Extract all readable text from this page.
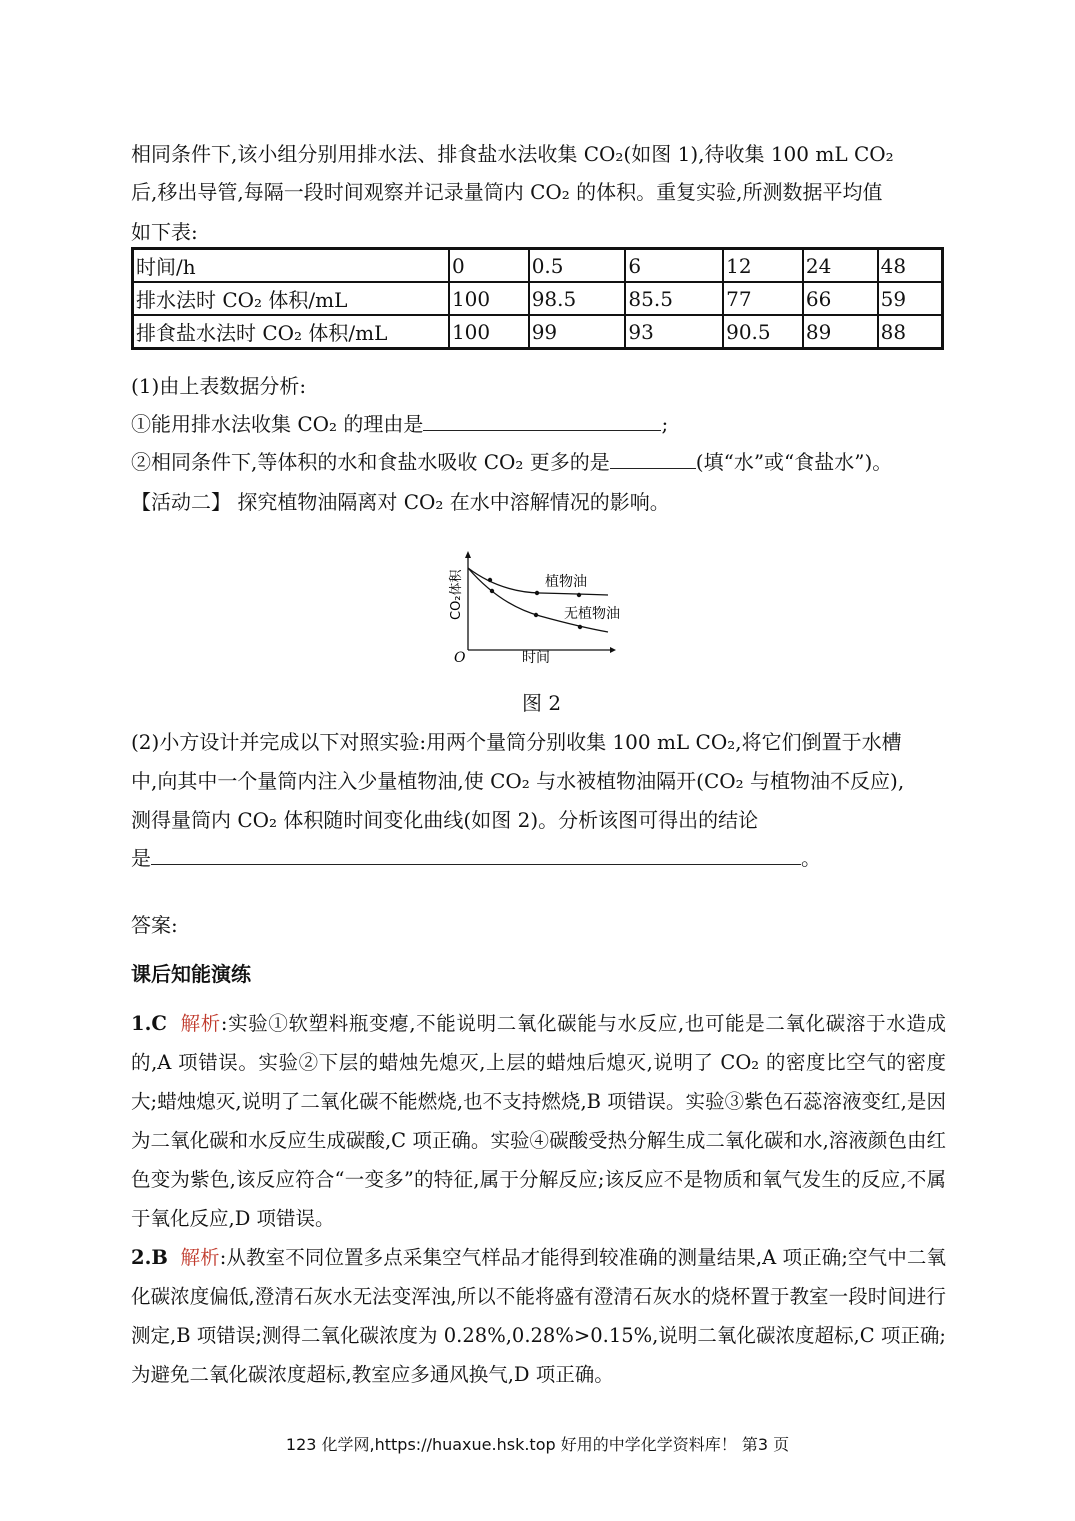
相同条件下,该小组分别用排水法、排食盐水法收集 CO₂(如图 1),待收集 100 mL CO₂
后,移出导管,每隔一段时间观察并记录量筒内 CO₂ 的体积。重复实验,所测数据平均值
如下表:
时间/h	0	0.5	6	12	24	48
排水法时 CO₂ 体积/mL	100	98.5	85.5	77	66	59
排食盐水法时 CO₂ 体积/mL	100	99	93	90.5	89	88
(1)由上表数据分析:
①能用排水法收集 CO₂ 的理由是	;
②相同条件下,等体积的水和食盐水吸收 CO₂ 更多的是	(填“水”或“食盐水”)。
【活动二】 探究植物油隔离对 CO₂ 在水中溶解情况的影响。
植物油
无植物油
O	时间
CO₂体积
图 2
(2)小方设计并完成以下对照实验:用两个量筒分别收集 100 mL CO₂,将它们倒置于水槽
中,向其中一个量筒内注入少量植物油,使 CO₂ 与水被植物油隔开(CO₂ 与植物油不反应),
测得量筒内 CO₂ 体积随时间变化曲线(如图 2)。分析该图可得出的结论
是	。
答案:
课后知能演练
1.C 解析:实验①软塑料瓶变瘪,不能说明二氧化碳能与水反应,也可能是二氧化碳溶于水造成的,A 项错误。实验②下层的蜡烛先熄灭,上层的蜡烛后熄灭,说明了 CO₂ 的密度比空气的密度大;蜡烛熄灭,说明了二氧化碳不能燃烧,也不支持燃烧,B 项错误。实验③紫色石蕊溶液变红,是因为二氧化碳和水反应生成碳酸,C 项正确。实验④碳酸受热分解生成二氧化碳和水,溶液颜色由红色变为紫色,该反应符合“一变多”的特征,属于分解反应;该反应不是物质和氧气发生的反应,不属于氧化反应,D 项错误。
2.B 解析:从教室不同位置多点采集空气样品才能得到较准确的测量结果,A 项正确;空气中二氧化碳浓度偏低,澄清石灰水无法变浑浊,所以不能将盛有澄清石灰水的烧杯置于教室一段时间进行测定,B 项错误;测得二氧化碳浓度为 0.28%,0.28%>0.15%,说明二氧化碳浓度超标,C 项正确;为避免二氧化碳浓度超标,教室应多通风换气,D 项正确。
123 化学网,https://huaxue.hsk.top 好用的中学化学资料库！ 第3 页
